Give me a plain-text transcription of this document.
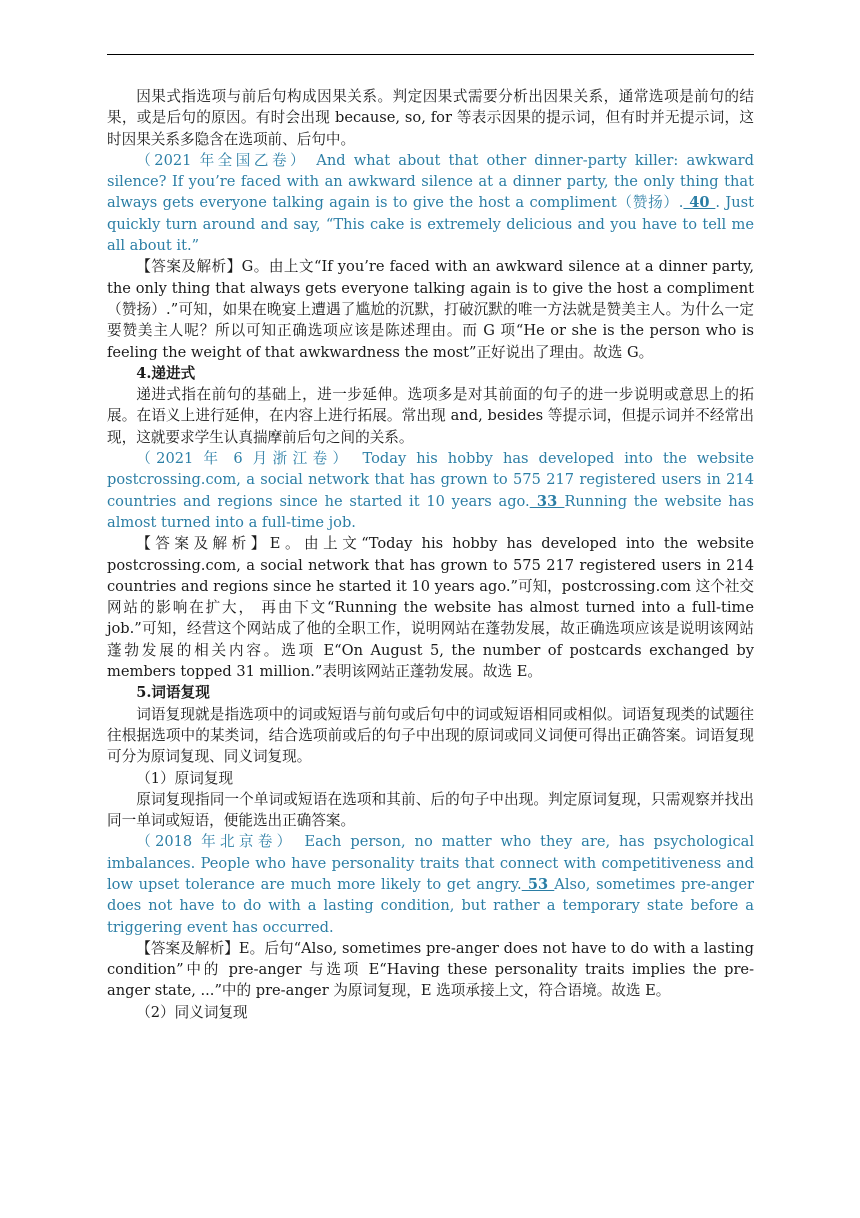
因果式指选项与前后句构成因果关系。判定因果式需要分析出因果关系，通常选项是前句的结果，或是后句的原因。有时会出现 because, so, for 等表示因果的提示词，但有时并无提示词，这时因果关系多隐含在选项前、后句中。

（2021 年全国乙卷） And what about that other dinner-party killer: awkward silence? If you’re faced with an awkward silence at a dinner party, the only thing that always gets everyone talking again is to give the host a compliment（赞扬）. 40 . Just quickly turn around and say, “This cake is extremely delicious and you have to tell me all about it.”

【答案及解析】G。由上文“If you’re faced with an awkward silence at a dinner party, the only thing that always gets everyone talking again is to give the host a compliment（赞扬）.”可知，如果在晚宴上遭遇了尴尬的沉默，打破沉默的唯一方法就是赞美主人。为什么一定要赞美主人呢？所以可知正确选项应该是陈述理由。而 G 项“He or she is the person who is feeling the weight of that awkwardness the most”正好说出了理由。故选 G。

4.递进式

递进式指在前句的基础上，进一步延伸。选项多是对其前面的句子的进一步说明或意思上的拓展。在语义上进行延伸，在内容上进行拓展。常出现 and, besides 等提示词，但提示词并不经常出现，这就要求学生认真揣摩前后句之间的关系。

（2021 年 6 月浙江卷） Today his hobby has developed into the website postcrossing.com, a social network that has grown to 575 217 registered users in 214 countries and regions since he started it 10 years ago. 33 Running the website has almost turned into a full-time job.

【答案及解析】E。由上文“Today his hobby has developed into the website postcrossing.com, a social network that has grown to 575 217 registered users in 214 countries and regions since he started it 10 years ago.”可知，postcrossing.com 这个社交网站的影响在扩大， 再由下文“Running the website has almost turned into a full-time job.”可知，经营这个网站成了他的全职工作，说明网站在蓬勃发展，故正确选项应该是说明该网站蓬勃发展的相关内容。选项 E“On August 5, the number of postcards exchanged by members topped 31 million.”表明该网站正蓬勃发展。故选 E。

5.词语复现

词语复现就是指选项中的词或短语与前句或后句中的词或短语相同或相似。词语复现类的试题往往根据选项中的某类词，结合选项前或后的句子中出现的原词或同义词便可得出正确答案。词语复现可分为原词复现、同义词复现。

（1）原词复现

原词复现指同一个单词或短语在选项和其前、后的句子中出现。判定原词复现，只需观察并找出同一单词或短语，便能选出正确答案。

（2018 年北京卷） Each person, no matter who they are, has psychological imbalances. People who have personality traits that connect with competitiveness and low upset tolerance are much more likely to get angry. 53 Also, sometimes pre-anger does not have to do with a lasting condition, but rather a temporary state before a triggering event has occurred.

【答案及解析】E。后句“Also, sometimes pre-anger does not have to do with a lasting condition”中的 pre-anger 与选项 E“Having these personality traits implies the pre-anger state, ...”中的 pre-anger 为原词复现，E 选项承接上文，符合语境。故选 E。

（2）同义词复现
